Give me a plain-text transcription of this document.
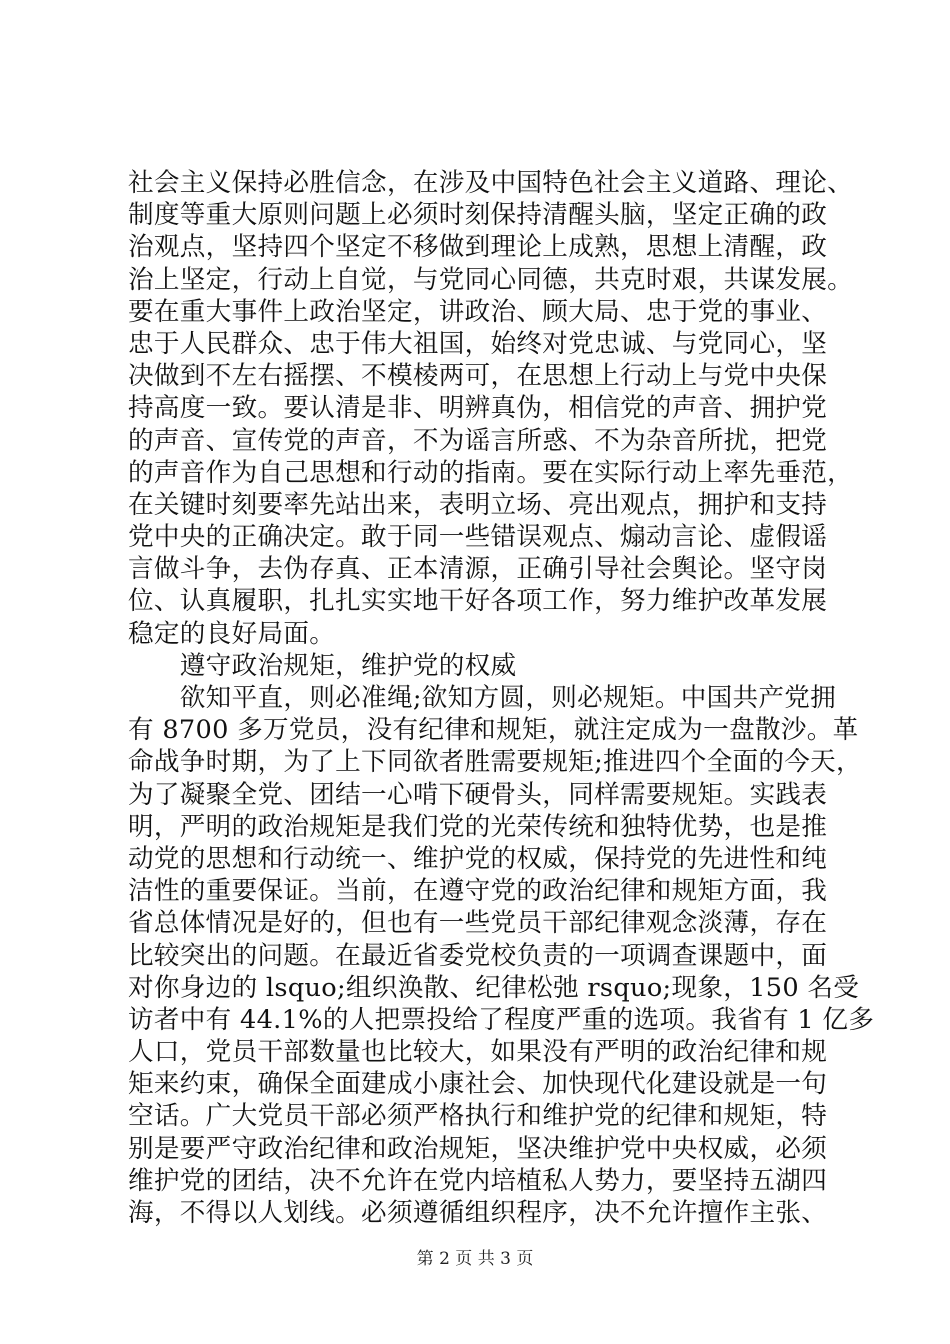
社会主义保持必胜信念，在涉及中国特色社会主义道路、理论、
制度等重大原则问题上必须时刻保持清醒头脑，坚定正确的政
治观点，坚持四个坚定不移做到理论上成熟，思想上清醒，政
治上坚定，行动上自觉，与党同心同德，共克时艰，共谋发展。
要在重大事件上政治坚定，讲政治、顾大局、忠于党的事业、
忠于人民群众、忠于伟大祖国，始终对党忠诚、与党同心，坚
决做到不左右摇摆、不模棱两可，在思想上行动上与党中央保
持高度一致。要认清是非、明辨真伪，相信党的声音、拥护党
的声音、宣传党的声音，不为谣言所惑、不为杂音所扰，把党
的声音作为自己思想和行动的指南。要在实际行动上率先垂范，
在关键时刻要率先站出来，表明立场、亮出观点，拥护和支持
党中央的正确决定。敢于同一些错误观点、煽动言论、虚假谣
言做斗争，去伪存真、正本清源，正确引导社会舆论。坚守岗
位、认真履职，扎扎实实地干好各项工作，努力维护改革发展
稳定的良好局面。
　　遵守政治规矩，维护党的权威
　　欲知平直，则必准绳;欲知方圆，则必规矩。中国共产党拥
有 8700 多万党员，没有纪律和规矩，就注定成为一盘散沙。革
命战争时期，为了上下同欲者胜需要规矩;推进四个全面的今天，
为了凝聚全党、团结一心啃下硬骨头，同样需要规矩。实践表
明，严明的政治规矩是我们党的光荣传统和独特优势，也是推
动党的思想和行动统一、维护党的权威，保持党的先进性和纯
洁性的重要保证。当前，在遵守党的政治纪律和规矩方面，我
省总体情况是好的，但也有一些党员干部纪律观念淡薄，存在
比较突出的问题。在最近省委党校负责的一项调查课题中，面
对你身边的 lsquo;组织涣散、纪律松弛 rsquo;现象，150 名受
访者中有 44.1%的人把票投给了程度严重的选项。我省有 1 亿多
人口，党员干部数量也比较大，如果没有严明的政治纪律和规
矩来约束，确保全面建成小康社会、加快现代化建设就是一句
空话。广大党员干部必须严格执行和维护党的纪律和规矩，特
别是要严守政治纪律和政治规矩，坚决维护党中央权威，必须
维护党的团结，决不允许在党内培植私人势力，要坚持五湖四
海，不得以人划线。必须遵循组织程序，决不允许擅作主张、
第 2 页 共 3 页
